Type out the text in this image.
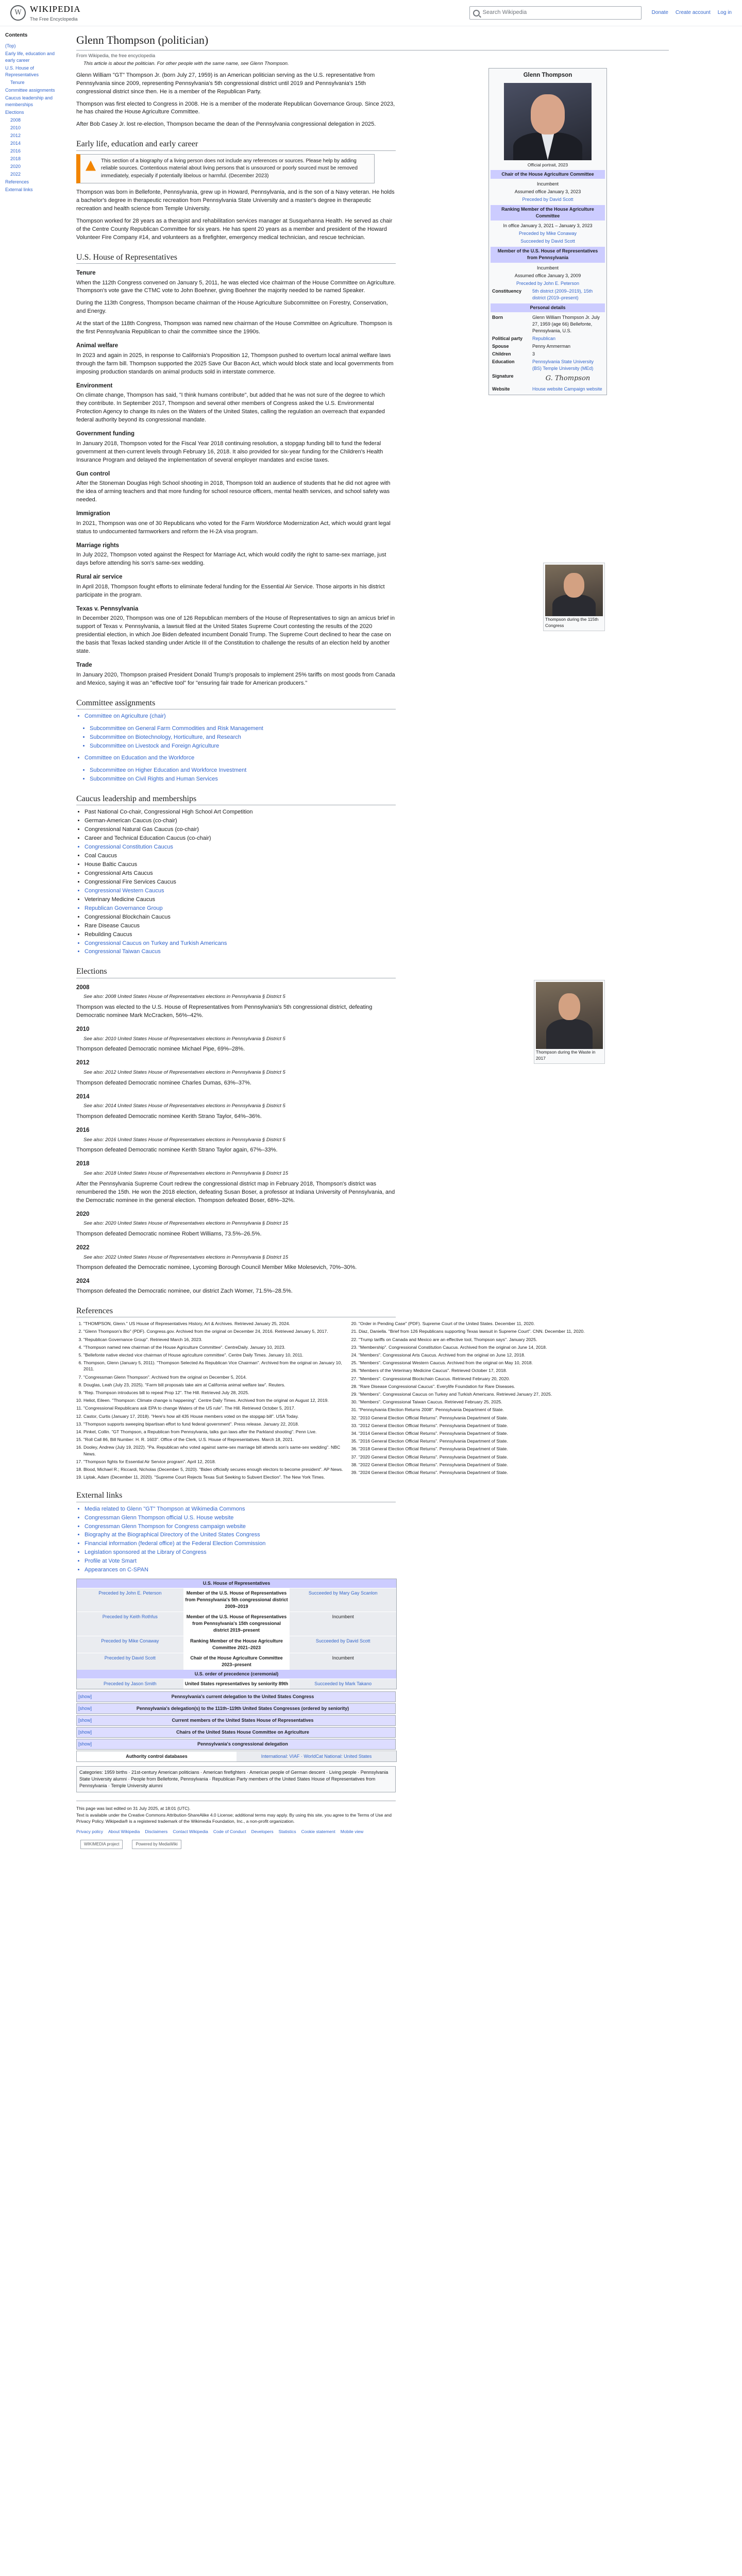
W WIKIPEDIA
The Free Encyclopedia
Search Wikipedia	Donate Create account Log in
Contents
(Top)
Early life, education and early career
U.S. House of Representatives
Tenure
Committee assignments
Caucus leadership and memberships
Elections
2008
2010
2012
2014
2016
2018
2020
2022
References
External links
Glenn Thompson (politician)
From Wikipedia, the free encyclopedia
This article is about the politician. For other people with the same name, see Glenn Thompson.

Glenn William "GT" Thompson Jr. (born July 27, 1959) is an American politician serving as the U.S. representative from Pennsylvania since 2009, representing Pennsylvania's 5th congressional district until 2019 and Pennsylvania's 15th congressional district since then. He is a member of the Republican Party.

Thompson was first elected to Congress in 2008. He is a member of the moderate Republican Governance Group. Since 2023, he has chaired the House Agriculture Committee.

After Bob Casey Jr. lost re-election, Thompson became the dean of the Pennsylvania congressional delegation in 2025.

Early life, education and early career
This section of a biography of a living person does not include any references or sources. Please help by adding reliable sources. Contentious material about living persons that is unsourced or poorly sourced must be removed immediately, especially if potentially libelous or harmful. (December 2023)

Thompson was born in Bellefonte, Pennsylvania, grew up in Howard, Pennsylvania, and is the son of a Navy veteran. He holds a bachelor's degree in therapeutic recreation from Pennsylvania State University and a master's degree in therapeutic recreation and health science from Temple University.

Thompson worked for 28 years as a therapist and rehabilitation services manager at Susquehanna Health. He served as chair of the Centre County Republican Committee for six years. He has spent 20 years as a member and president of the Howard Volunteer Fire Company #14, and volunteers as a firefighter, emergency medical technician, and rescue technician.

U.S. House of Representatives
Tenure

When the 112th Congress convened on January 5, 2011, he was elected vice chairman of the House Committee on Agriculture. Thompson's vote gave the CTMC vote to John Boehner, giving Boehner the majority needed to be named Speaker.

During the 113th Congress, Thompson became chairman of the House Agriculture Subcommittee on Forestry, Conservation, and Energy.

At the start of the 118th Congress, Thompson was named new chairman of the House Committee on Agriculture. Thompson is the first Pennsylvania Republican to chair the committee since the 1990s.

Animal welfare

In 2023 and again in 2025, in response to California's Proposition 12, Thompson pushed to overturn local animal welfare laws through the farm bill. Thompson supported the 2025 Save Our Bacon Act, which would block state and local governments from imposing production standards on animal products sold in interstate commerce.

Environment

On climate change, Thompson has said, "I think humans contribute", but added that he was not sure of the degree to which they contribute. In September 2017, Thompson and several other members of Congress asked the U.S. Environmental Protection Agency to change its rules on the Waters of the United States, calling the regulation an overreach that expanded federal authority beyond its congressional mandate.

Government funding

In January 2018, Thompson voted for the Fiscal Year 2018 continuing resolution, a stopgap funding bill to fund the federal government at then-current levels through February 16, 2018. It also provided for six-year funding for the Children's Health Insurance Program and delayed the implementation of several employer mandates and excise taxes.

Gun control

After the Stoneman Douglas High School shooting in 2018, Thompson told an audience of students that he did not agree with the idea of arming teachers and that more funding for school resource officers, mental health services, and school safety was needed.

Immigration

In 2021, Thompson was one of 30 Republicans who voted for the Farm Workforce Modernization Act, which would grant legal status to undocumented farmworkers and reform the H-2A visa program.

Marriage rights

In July 2022, Thompson voted against the Respect for Marriage Act, which would codify the right to same-sex marriage, just days before attending his son's same-sex wedding.

Rural air service

In April 2018, Thompson fought efforts to eliminate federal funding for the Essential Air Service. Those airports in his district participate in the program.

Texas v. Pennsylvania

In December 2020, Thompson was one of 126 Republican members of the House of Representatives to sign an amicus brief in support of Texas v. Pennsylvania, a lawsuit filed at the United States Supreme Court contesting the results of the 2020 presidential election, in which Joe Biden defeated incumbent Donald Trump. The Supreme Court declined to hear the case on the basis that Texas lacked standing under Article III of the Constitution to challenge the results of an election held by another state.

Trade

In January 2020, Thompson praised President Donald Trump's proposals to implement 25% tariffs on most goods from Canada and Mexico, saying it was an "effective tool" for "ensuring fair trade for American producers."

Committee assignments
• Committee on Agriculture (chair)
• Subcommittee on General Farm Commodities and Risk Management
• Subcommittee on Biotechnology, Horticulture, and Research
• Subcommittee on Livestock and Foreign Agriculture
• Committee on Education and the Workforce
• Subcommittee on Higher Education and Workforce Investment
• Subcommittee on Civil Rights and Human Services
Caucus leadership and memberships
• Past National Co-chair, Congressional High School Art Competition
• German-American Caucus (co-chair)
• Congressional Natural Gas Caucus (co-chair)
• Career and Technical Education Caucus (co-chair)
• Congressional Constitution Caucus
• Coal Caucus
• House Baltic Caucus
• Congressional Arts Caucus
• Congressional Fire Services Caucus
• Congressional Western Caucus
• Veterinary Medicine Caucus
• Republican Governance Group
• Congressional Blockchain Caucus
• Rare Disease Caucus
• Rebuilding Caucus
• Congressional Caucus on Turkey and Turkish Americans
• Congressional Taiwan Caucus
Elections
2008
See also: 2008 United States House of Representatives elections in Pennsylvania § District 5

Thompson was elected to the U.S. House of Representatives from Pennsylvania's 5th congressional district, defeating Democratic nominee Mark McCracken, 56%–42%.

2010
See also: 2010 United States House of Representatives elections in Pennsylvania § District 5

Thompson defeated Democratic nominee Michael Pipe, 69%–28%.

2012
See also: 2012 United States House of Representatives elections in Pennsylvania § District 5

Thompson defeated Democratic nominee Charles Dumas, 63%–37%.

2014
See also: 2014 United States House of Representatives elections in Pennsylvania § District 5

Thompson defeated Democratic nominee Kerith Strano Taylor, 64%–36%.

2016
See also: 2016 United States House of Representatives elections in Pennsylvania § District 5

Thompson defeated Democratic nominee Kerith Strano Taylor again, 67%–33%.

2018
See also: 2018 United States House of Representatives elections in Pennsylvania § District 15

After the Pennsylvania Supreme Court redrew the congressional district map in February 2018, Thompson's district was renumbered the 15th. He won the 2018 election, defeating Susan Boser, a professor at Indiana University of Pennsylvania, and the Democratic nominee in the general election. Thompson defeated Boser, 68%–32%.

2020
See also: 2020 United States House of Representatives elections in Pennsylvania § District 15

Thompson defeated Democratic nominee Robert Williams, 73.5%–26.5%.

2022
See also: 2022 United States House of Representatives elections in Pennsylvania § District 15

Thompson defeated the Democratic nominee, Lycoming Borough Council Member Mike Molesevich, 70%–30%.

2024

Thompson defeated the Democratic nominee, our district Zach Womer, 71.5%–28.5%.

References
1. "THOMPSON, Glenn." US House of Representatives History, Art & Archives. Retrieved January 25, 2024.
2. "Glenn Thompson's Bio" (PDF). Congress.gov. Archived from the original on December 24, 2016. Retrieved January 5, 2017.
3. "Republican Governance Group". Retrieved March 16, 2023.
4. "Thompson named new chairman of the House Agriculture Committee". CentreDaily. January 10, 2023.
5. "Bellefonte native elected vice chairman of House agriculture committee". Centre Daily Times. January 10, 2011.
6. Thompson, Glenn (January 5, 2011). "Thompson Selected As Republican Vice Chairman". Archived from the original on January 10, 2011.
7. "Congressman Glenn Thompson". Archived from the original on December 5, 2014.
8. Douglas, Leah (July 23, 2025). "Farm bill proposals take aim at California animal welfare law". Reuters.
9. "Rep. Thompson introduces bill to repeal Prop 12". The Hill. Retrieved July 28, 2025.
10. Heliot, Eileen. "Thompson: Climate change is happening". Centre Daily Times. Archived from the original on August 12, 2019.
11. "Congressional Republicans ask EPA to change Waters of the US rule". The Hill. Retrieved October 5, 2017.
12. Castor, Curtis (January 17, 2018). "Here's how all 435 House members voted on the stopgap bill". USA Today.
13. "Thompson supports sweeping bipartisan effort to fund federal government". Press release. January 22, 2018.
14. Pinkel, Collin. "GT Thompson, a Republican from Pennsylvania, talks gun laws after the Parkland shooting". Penn Live.
15. "Roll Call 86, Bill Number: H. R. 1603". Office of the Clerk, U.S. House of Representatives. March 18, 2021.
16. Dooley, Andrew (July 19, 2022). "Pa. Republican who voted against same-sex marriage bill attends son's same-sex wedding". NBC News.
17. "Thompson fights for Essential Air Service program". April 12, 2018.
18. Blood, Michael R.; Riccardi, Nicholas (December 5, 2020). "Biden officially secures enough electors to become president". AP News.
19. Liptak, Adam (December 11, 2020). "Supreme Court Rejects Texas Suit Seeking to Subvert Election". The New York Times.
20. "Order in Pending Case" (PDF). Supreme Court of the United States. December 11, 2020.
21. Diaz, Daniella. "Brief from 126 Republicans supporting Texas lawsuit in Supreme Court". CNN. December 11, 2020.
22. "Trump tariffs on Canada and Mexico are an effective tool, Thompson says". January 2025.
23. "Membership". Congressional Constitution Caucus. Archived from the original on June 14, 2018.
24. "Members". Congressional Arts Caucus. Archived from the original on June 12, 2018.
25. "Members". Congressional Western Caucus. Archived from the original on May 10, 2018.
26. "Members of the Veterinary Medicine Caucus". Retrieved October 17, 2018.
27. "Members". Congressional Blockchain Caucus. Retrieved February 20, 2020.
28. "Rare Disease Congressional Caucus". Everylife Foundation for Rare Diseases.
29. "Members". Congressional Caucus on Turkey and Turkish Americans. Retrieved January 27, 2025.
30. "Members". Congressional Taiwan Caucus. Retrieved February 25, 2025.
31. "Pennsylvania Election Returns 2008". Pennsylvania Department of State.
32. "2010 General Election Official Returns". Pennsylvania Department of State.
33. "2012 General Election Official Returns". Pennsylvania Department of State.
34. "2014 General Election Official Returns". Pennsylvania Department of State.
35. "2016 General Election Official Returns". Pennsylvania Department of State.
36. "2018 General Election Official Returns". Pennsylvania Department of State.
37. "2020 General Election Official Returns". Pennsylvania Department of State.
38. "2022 General Election Official Returns". Pennsylvania Department of State.
39. "2024 General Election Official Returns". Pennsylvania Department of State.
External links
• Media related to Glenn "GT" Thompson at Wikimedia Commons
• Congressman Glenn Thompson official U.S. House website
• Congressman Glenn Thompson for Congress campaign website
• Biography at the Biographical Directory of the United States Congress
• Financial information (federal office) at the Federal Election Commission
• Legislation sponsored at the Library of Congress
• Profile at Vote Smart
• Appearances on C-SPAN
U.S. House of Representatives
Preceded by John E. Peterson	Member of the U.S. House of Representatives from Pennsylvania's 5th congressional district 2009–2019
Succeeded by Mary Gay Scanlon
Preceded by Keith Rothfus	Member of the U.S. House of Representatives from Pennsylvania's 15th congressional district 2019–present
Incumbent
Preceded by Mike Conaway	Ranking Member of the House Agriculture Committee 2021–2023
Succeeded by David Scott
Preceded by David Scott	Chair of the House Agriculture Committee 2023–present
Incumbent
U.S. order of precedence (ceremonial)
Preceded by Jason Smith	United States representatives by seniority 89th	Succeeded by Mark Takano
[show]	Pennsylvania's current delegation to the United States Congress
[show]	Pennsylvania's delegation(s) to the 111th–119th United States Congresses (ordered by seniority)
[show]	Current members of the United States House of Representatives
[show]	Chairs of the United States House Committee on Agriculture
[show]	Pennsylvania's congressional delegation
Authority control databases	International: VIAF · WorldCat National: United States
Categories: 1959 births · 21st-century American politicians · American firefighters · American people of German descent · Living people · Pennsylvania State University alumni · People from Bellefonte, Pennsylvania · Republican Party members of the United States House of Representatives from Pennsylvania · Temple University alumni
This page was last edited on 31 July 2025, at 18:01 (UTC).
Text is available under the Creative Commons Attribution-ShareAlike 4.0 License; additional terms may apply. By using this site, you agree to the Terms of Use and Privacy Policy. Wikipedia® is a registered trademark of the Wikimedia Foundation, Inc., a non-profit organization.
Privacy policy About Wikipedia Disclaimers Contact Wikipedia Code of Conduct Developers Statistics Cookie statement Mobile view
WIKIMEDIA project	Powered by MediaWiki
Glenn Thompson
Official portrait, 2023
Chair of the House Agriculture Committee
Incumbent
Assumed office January 3, 2023
Preceded by David Scott
Ranking Member of the House Agriculture Committee
In office January 3, 2021 – January 3, 2023
Preceded by Mike Conaway
Succeeded by David Scott
Member of the U.S. House of Representatives from Pennsylvania
Incumbent
Assumed office January 3, 2009
Preceded by John E. Peterson
Constituency	5th district (2009–2019), 15th district (2019–present)
Personal details
Born	Glenn William Thompson Jr. July 27, 1959 (age 66) Bellefonte, Pennsylvania, U.S.
Political party	Republican
Spouse	Penny Ammerman
Children	3
Education	Pennsylvania State University (BS) Temple University (MEd)
Signature	G. Thompson
Website	House website Campaign website
Thompson during the 115th Congress
Thompson during the Waste in 2017
